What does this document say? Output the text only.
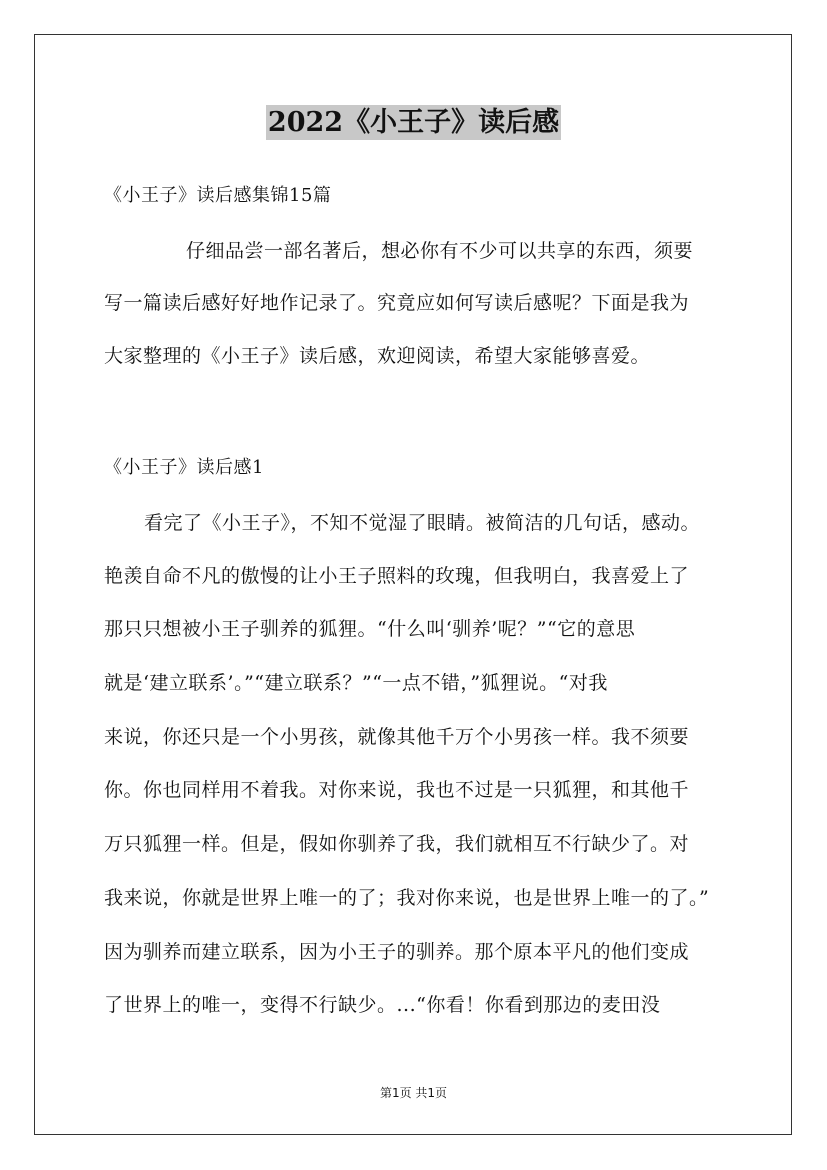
2022《小王子》读后感
《小王子》读后感集锦15篇
仔细品尝一部名著后，想必你有不少可以共享的东西，须要
写一篇读后感好好地作记录了。究竟应如何写读后感呢？下面是我为
大家整理的《小王子》读后感，欢迎阅读，希望大家能够喜爱。
《小王子》读后感1
看完了《小王子》，不知不觉湿了眼睛。被简洁的几句话，感动。
艳羡自命不凡的傲慢的让小王子照料的玫瑰，但我明白，我喜爱上了
那只只想被小王子驯养的狐狸。“什么叫‘驯养’呢？”“它的意思
就是‘建立联系’。”“建立联系？”“一点不错，”狐狸说。“对我
来说，你还只是一个小男孩，就像其他千万个小男孩一样。我不须要
你。你也同样用不着我。对你来说，我也不过是一只狐狸，和其他千
万只狐狸一样。但是，假如你驯养了我，我们就相互不行缺少了。对
我来说，你就是世界上唯一的了；我对你来说，也是世界上唯一的了。”
因为驯养而建立联系，因为小王子的驯养。那个原本平凡的他们变成
了世界上的唯一，变得不行缺少。...“你看！你看到那边的麦田没
第1页 共1页
